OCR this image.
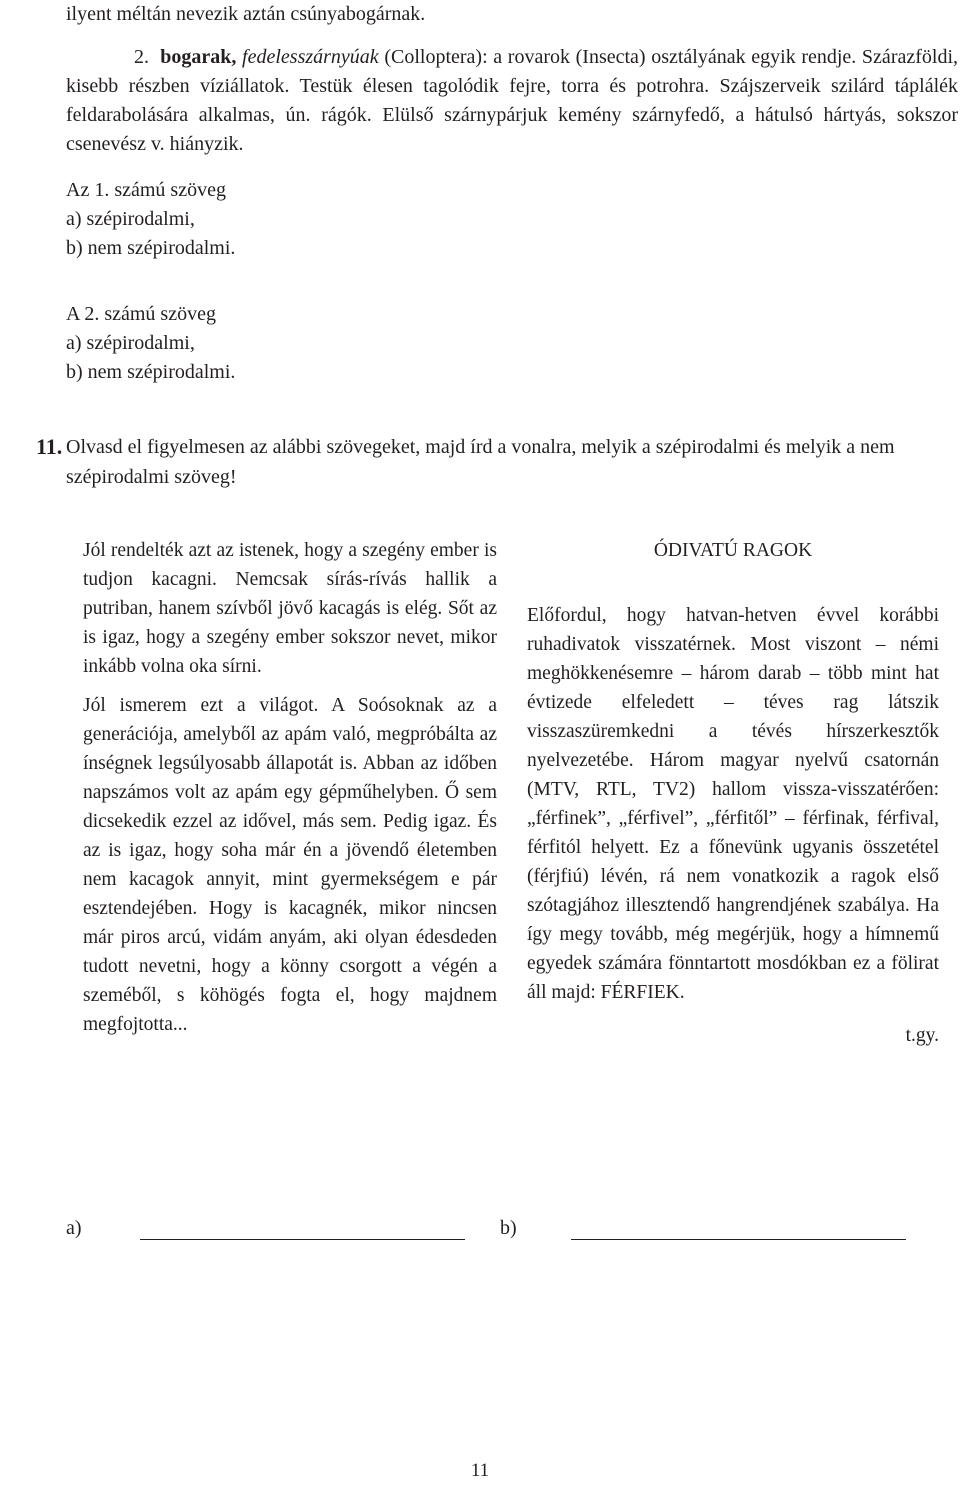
ilyent méltán nevezik aztán csúnyabogárnak.
2. bogarak, fedelesszárnyúak (Colloptera): a rovarok (Insecta) osztályának egyik rendje. Szárazföldi, kisebb részben víziállatok. Testük élesen tagolódik fejre, torra és potrohra. Szájszerveik szilárd táplálék feldarabolására alkalmas, ún. rágók. Elülső szárnypárjuk kemény szárnyfedő, a hátulsó hártyás, sokszor csenevész v. hiányzik.
Az 1. számú szöveg
a) szépirodalmi,
b) nem szépirodalmi.
A 2. számú szöveg
a) szépirodalmi,
b) nem szépirodalmi.
11. Olvasd el figyelmesen az alábbi szövegeket, majd írd a vonalra, melyik a szépirodalmi és melyik a nem szépirodalmi szöveg!
Jól rendelték azt az istenek, hogy a szegény ember is tudjon kacagni. Nemcsak sírás-rívás hallik a putriban, hanem szívből jövő kacagás is elég. Sőt az is igaz, hogy a szegény ember sokszor nevet, mikor inkább volna oka sírni.
Jól ismerem ezt a világot. A Soósoknak az a generációja, amelyből az apám való, megpróbálta az ínségnek legsúlyosabb állapotát is. Abban az időben napszámos volt az apám egy gépműhelyben. Ő sem dicsekedik ezzel az idővel, más sem. Pedig igaz. És az is igaz, hogy soha már én a jövendő életemben nem kacagok annyit, mint gyermekségem e pár esztendejében. Hogy is kacagnék, mikor nincsen már piros arcú, vidám anyám, aki olyan édesdeden tudott nevetni, hogy a könny csorgott a végén a szeméből, s köhögés fogta el, hogy majdnem megfojtotta...
ÓDIVATÚ RAGOK
Előfordul, hogy hatvan-hetven évvel korábbi ruhadivatok visszatérnek. Most viszont – némi meghökkenésemre – három darab – több mint hat évtizede elfeledett – téves rag látszik visszaszüremkedni a tévés hírszerkesztők nyelvezetébe. Három magyar nyelvű csatornán (MTV, RTL, TV2) hallom vissza-visszatérően: „férfinek”, „férfivel”, „férfitől” – férfinak, férfival, férfitól helyett. Ez a főnevünk ugyanis összetétel (férjfiú) lévén, rá nem vonatkozik a ragok első szótagjához illesztendő hangrendjének szabálya. Ha így megy tovább, még megérjük, hogy a hímnemű egyedek számára fönntartott mosdókban ez a fölirat áll majd: FÉRFIEK.
t.gy.
a)	b)
11
